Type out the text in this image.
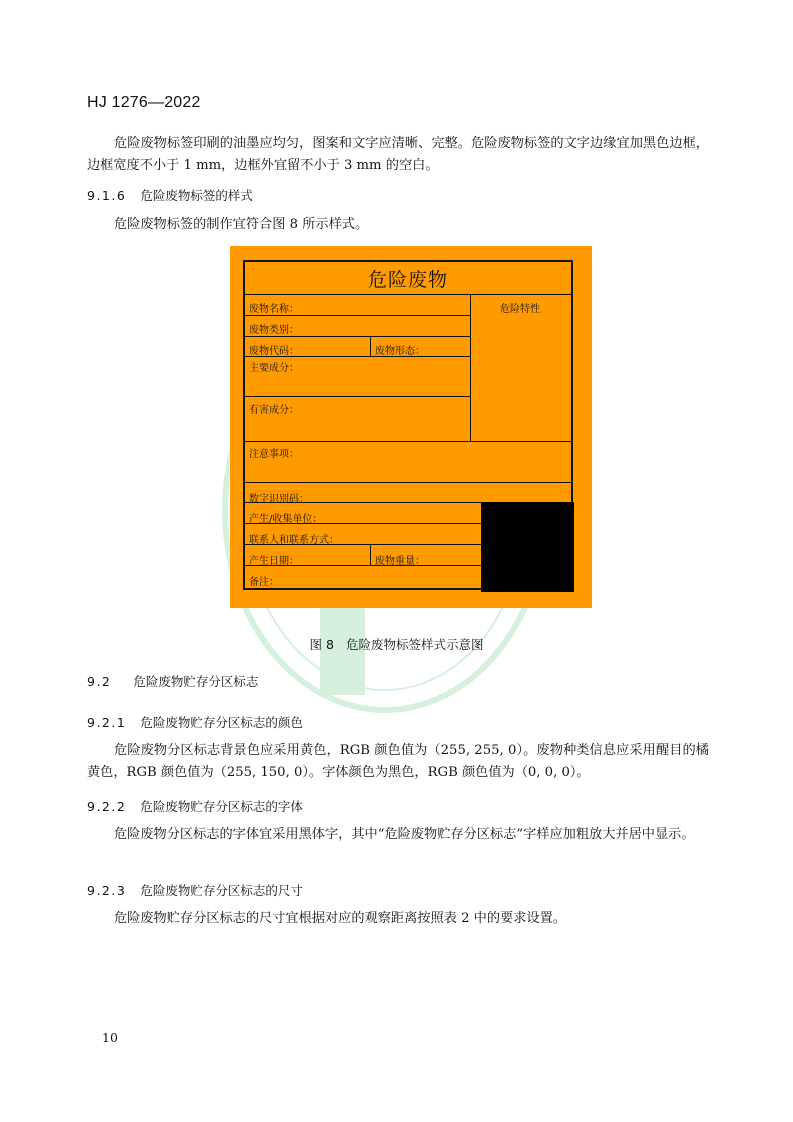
HJ 1276—2022
危险废物标签印刷的油墨应均匀，图案和文字应清晰、完整。危险废物标签的文字边缘宜加黑色边框，边框宽度不小于 1 mm，边框外宜留不小于 3 mm 的空白。
9.1.6 危险废物标签的样式
危险废物标签的制作宜符合图 8 所示样式。
危险废物
危险特性
废物名称：
废物类别：
废物代码：	废物形态：
主要成分：
有害成分：
注意事项：
数字识别码：
产生/收集单位：
联系人和联系方式：
产生日期：	废物重量：
备注：
图 8 危险废物标签样式示意图
9.2 危险废物贮存分区标志
9.2.1 危险废物贮存分区标志的颜色
危险废物分区标志背景色应采用黄色，RGB 颜色值为（255, 255, 0）。废物种类信息应采用醒目的橘黄色，RGB 颜色值为（255, 150, 0）。字体颜色为黑色，RGB 颜色值为（0, 0, 0）。
9.2.2 危险废物贮存分区标志的字体
危险废物分区标志的字体宜采用黑体字，其中“危险废物贮存分区标志”字样应加粗放大并居中显示。
9.2.3 危险废物贮存分区标志的尺寸
危险废物贮存分区标志的尺寸宜根据对应的观察距离按照表 2 中的要求设置。
10
